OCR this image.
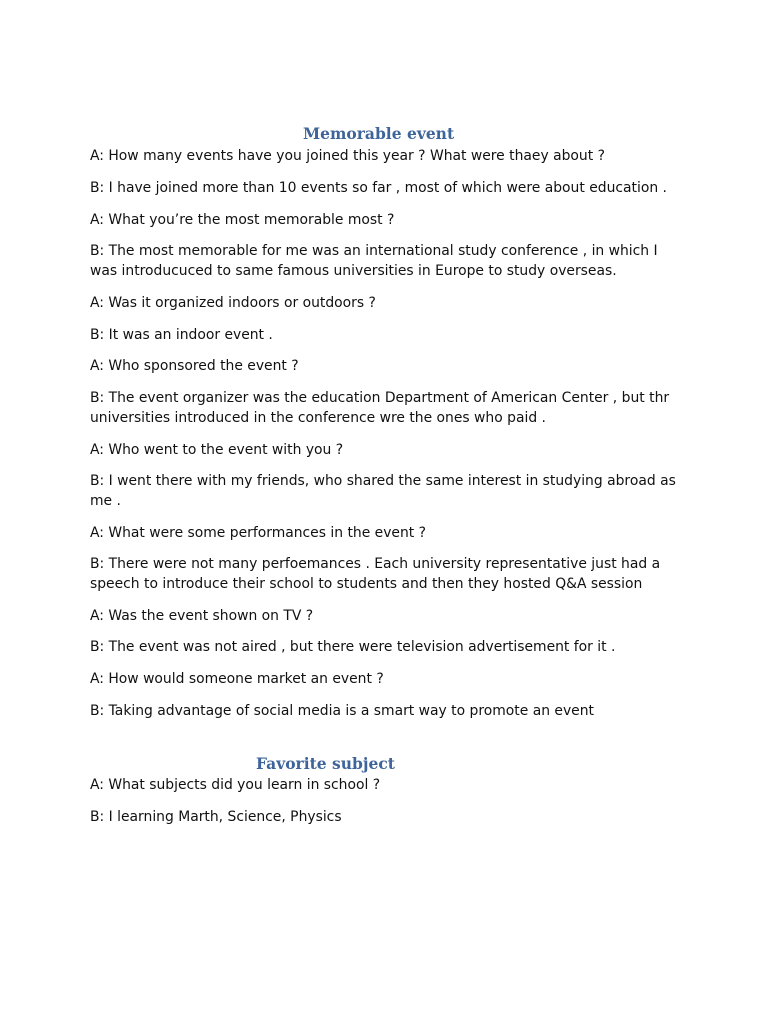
Memorable event
A: How many events have you joined this year ? What were thaey about ?
B: I have joined more than 10 events so far , most of which were about education .
A: What you’re the most memorable most ?
B: The most memorable for me was an international study conference , in which I
was introducuced to same famous universities in Europe to study overseas.
A: Was it organized indoors or outdoors ?
B: It was an indoor event .
A: Who sponsored the event ?
B: The event organizer was the education Department of American Center , but thr
universities introduced in the conference wre the ones who paid .
A: Who went to the event with you ?
B: I went there with my friends, who shared the same interest in studying abroad as
me .
A: What were some performances in the event ?
B: There were not many perfoemances . Each university representative just had a
speech to introduce their school to students and then they hosted Q&A session
A: Was the event shown on TV ?
B: The event was not aired , but there were television advertisement for it .
A: How would someone market an event ?
B: Taking advantage of social media is a smart way to promote an event
Favorite subject
A: What subjects did you learn in school ?
B: I learning Marth, Science, Physics
